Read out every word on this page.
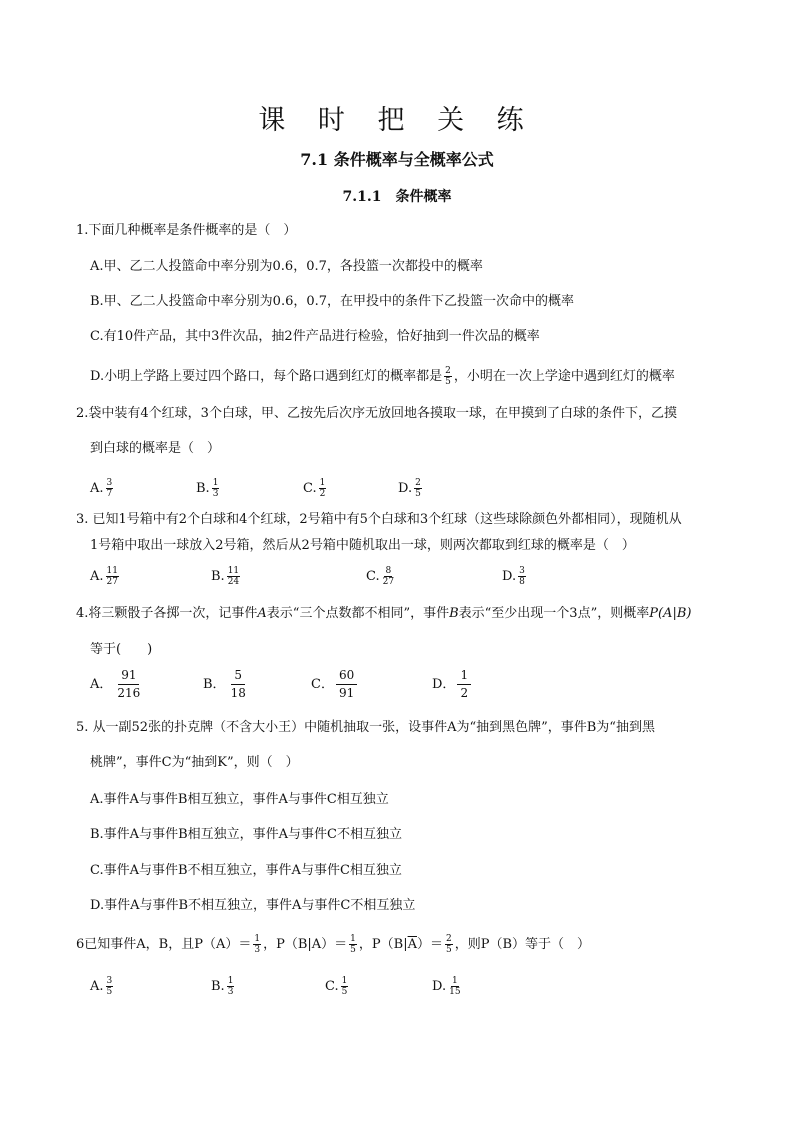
课 时 把 关 练
7.1 条件概率与全概率公式
7.1.1　条件概率
1.下面几种概率是条件概率的是（　）
A.甲、乙二人投篮命中率分别为0.6，0.7，各投篮一次都投中的概率
B.甲、乙二人投篮命中率分别为0.6，0.7，在甲投中的条件下乙投篮一次命中的概率
C.有10件产品，其中3件次品，抽2件产品进行检验，恰好抽到一件次品的概率
D.小明上学路上要过四个路口，每个路口遇到红灯的概率都是 $\frac{2}{5}$ ，小明在一次上学途中遇到红灯的概率
2.袋中装有4个红球，3个白球，甲、乙按先后次序无放回地各摸取一球，在甲摸到了白球的条件下，乙摸
到白球的概率是（　）
A. $\frac{3}{7}$	B. $\frac{1}{3}$	C. $\frac{1}{2}$	D. $\frac{2}{5}$
3. 已知1号箱中有2个白球和4个红球，2号箱中有5个白球和3个红球（这些球除颜色外都相同），现随机从
1号箱中取出一球放入2号箱，然后从2号箱中随机取出一球，则两次都取到红球的概率是（　）
A. $\frac{11}{27}$	B. $\frac{11}{24}$	C. $\frac{8}{27}$	D. $\frac{3}{8}$
4.将三颗骰子各掷一次，记事件A表示“三个点数都不相同”，事件B表示“至少出现一个3点”，则概率P(A|B)
等于(　　)
A． $\frac{91}{216}$	B． $\frac{5}{18}$	C． $\frac{60}{91}$	D． $\frac{1}{2}$
5. 从一副52张的扑克牌（不含大小王）中随机抽取一张，设事件A为“抽到黑色牌”，事件B为“抽到黑
桃牌”，事件C为“抽到K”，则（　）
A.事件A与事件B相互独立，事件A与事件C相互独立
B.事件A与事件B相互独立，事件A与事件C不相互独立
C.事件A与事件B不相互独立，事件A与事件C相互独立
D.事件A与事件B不相互独立，事件A与事件C不相互独立
6已知事件A，B，且$P(A)= \frac{1}{3}$ ，$P(B|A)= \frac{1}{5}$ ，$P(B|\overline{A})= \frac{2}{5}$ ，则P（B）等于（　）
A. $\frac{3}{5}$	B. $\frac{1}{3}$	C. $\frac{1}{5}$	D. $\frac{1}{15}$
